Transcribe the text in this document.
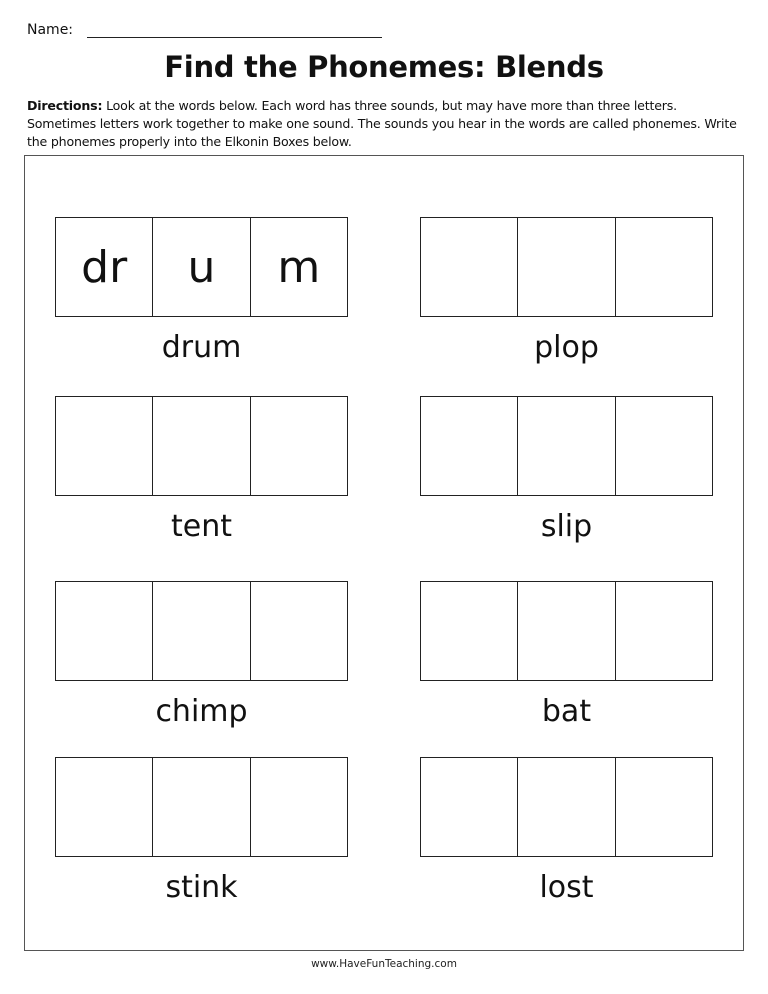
Name:
Find the Phonemes: Blends
Directions: Look at the words below. Each word has three sounds, but may have more than three letters. Sometimes letters work together to make one sound. The sounds you hear in the words are called phonemes. Write the phonemes properly into the Elkonin Boxes below.
dr	u	m
drum	plop
tent	slip
chimp	bat
stink	lost
www.HaveFunTeaching.com
